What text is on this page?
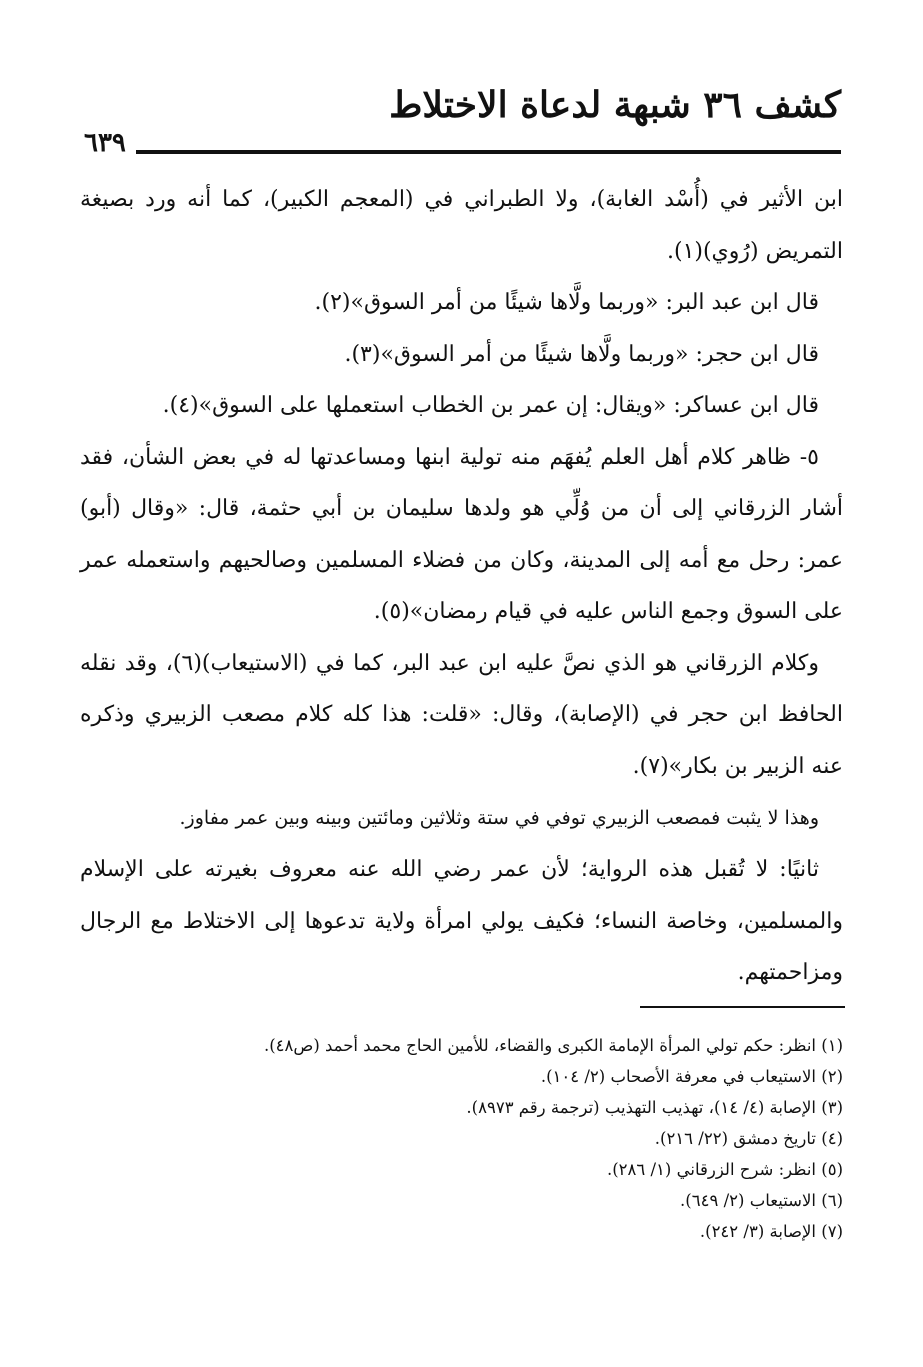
كشف ٣٦ شبهة لدعاة الاختلاط
٦٣٩

ابن الأثير في (أُسْد الغابة)، ولا الطبراني في (المعجم الكبير)، كما أنه ورد بصيغة التمريض (رُوي)(١).

قال ابن عبد البر: «وربما ولَّاها شيئًا من أمر السوق»(٢).

قال ابن حجر: «وربما ولَّاها شيئًا من أمر السوق»(٣).

قال ابن عساكر: «ويقال: إن عمر بن الخطاب استعملها على السوق»(٤).

٥- ظاهر كلام أهل العلم يُفهَم منه تولية ابنها ومساعدتها له في بعض الشأن، فقد أشار الزرقاني إلى أن من وُلِّي هو ولدها سليمان بن أبي حثمة، قال: «وقال (أبو) عمر: رحل مع أمه إلى المدينة، وكان من فضلاء المسلمين وصالحيهم واستعمله عمر على السوق وجمع الناس عليه في قيام رمضان»(٥).

وكلام الزرقاني هو الذي نصَّ عليه ابن عبد البر، كما في (الاستيعاب)(٦)، وقد نقله الحافظ ابن حجر في (الإصابة)، وقال: «قلت: هذا كله كلام مصعب الزبيري وذكره عنه الزبير بن بكار»(٧).

وهذا لا يثبت فمصعب الزبيري توفي في ستة وثلاثين ومائتين وبينه وبين عمر مفاوز.

ثانيًا: لا تُقبل هذه الرواية؛ لأن عمر رضي الله عنه معروف بغيرته على الإسلام والمسلمين، وخاصة النساء؛ فكيف يولي امرأة ولاية تدعوها إلى الاختلاط مع الرجال ومزاحمتهم.

(١) انظر: حكم تولي المرأة الإمامة الكبرى والقضاء، للأمين الحاج محمد أحمد (ص٤٨).
(٢) الاستيعاب في معرفة الأصحاب (٢/ ١٠٤).
(٣) الإصابة (٤/ ١٤)، تهذيب التهذيب (ترجمة رقم ٨٩٧٣).
(٤) تاريخ دمشق (٢٢/ ٢١٦).
(٥) انظر: شرح الزرقاني (١/ ٢٨٦).
(٦) الاستيعاب (٢/ ٦٤٩).
(٧) الإصابة (٣/ ٢٤٢).
